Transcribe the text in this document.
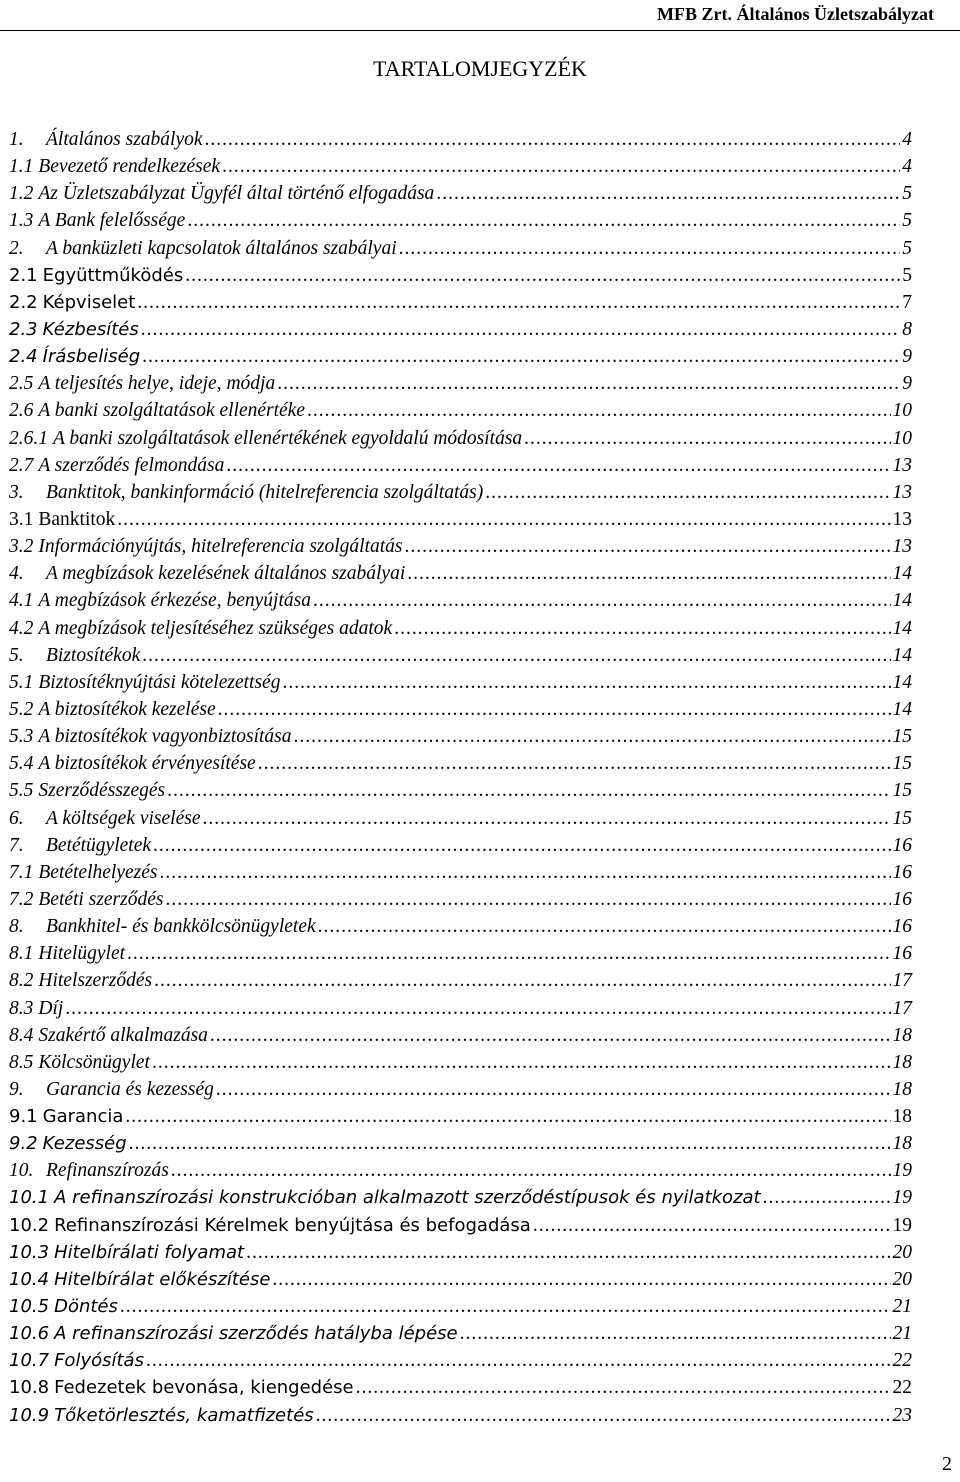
MFB Zrt. Általános Üzletszabályzat
TARTALOMJEGYZÉK
1.	Általános szabályok .....	4
1.1 Bevezető rendelkezések .....	4
1.2 Az Üzletszabályzat Ügyfél által történő elfogadása .....	5
1.3 A Bank felelőssége .....	5
2.	A banküzleti kapcsolatok általános szabályai .....	5
2.1 Együttműködés .....	5
2.2 Képviselet .....	7
2.3 Kézbesítés .....	8
2.4 Írásbeliség .....	9
2.5 A teljesítés helye, ideje, módja .....	9
2.6 A banki szolgáltatások ellenértéke .....	10
2.6.1 A banki szolgáltatások ellenértékének egyoldalú módosítása .....	10
2.7 A szerződés felmondása .....	13
3.	Banktitok, bankinformáció (hitelreferencia szolgáltatás) .....	13
3.1 Banktitok .....	13
3.2 Információnyújtás, hitelreferencia szolgáltatás .....	13
4.	A megbízások kezelésének általános szabályai .....	14
4.1 A megbízások érkezése, benyújtása .....	14
4.2 A megbízások teljesítéséhez szükséges adatok .....	14
5.	Biztosítékok .....	14
5.1 Biztosítéknyújtási kötelezettség .....	14
5.2 A biztosítékok kezelése .....	14
5.3 A biztosítékok vagyonbiztosítása .....	15
5.4 A biztosítékok érvényesítése .....	15
5.5 Szerződésszegés .....	15
6.	A költségek viselése .....	15
7.	Betétügyletek .....	16
7.1 Betételhelyezés .....	16
7.2 Betéti szerződés .....	16
8.	Bankhitel- és bankkölcsönügyletek .....	16
8.1 Hitelügylet .....	16
8.2 Hitelszerződés .....	17
8.3 Díj .....	17
8.4 Szakértő alkalmazása .....	18
8.5 Kölcsönügylet .....	18
9.	Garancia és kezesség .....	18
9.1 Garancia .....	18
9.2 Kezesség .....	18
10. Refinanszírozás .....	19
10.1 A refinanszírozási konstrukcióban alkalmazott szerződéstípusok és nyilatkozat .....	19
10.2 Refinanszírozási Kérelmek benyújtása és befogadása .....	19
10.3 Hitelbírálati folyamat .....	20
10.4 Hitelbírálat előkészítése .....	20
10.5 Döntés .....	21
10.6 A refinanszírozási szerződés hatályba lépése .....	21
10.7 Folyósítás .....	22
10.8 Fedezetek bevonása, kiengedése .....	22
10.9 Tőketörlesztés, kamatfizetés .....	23
2
